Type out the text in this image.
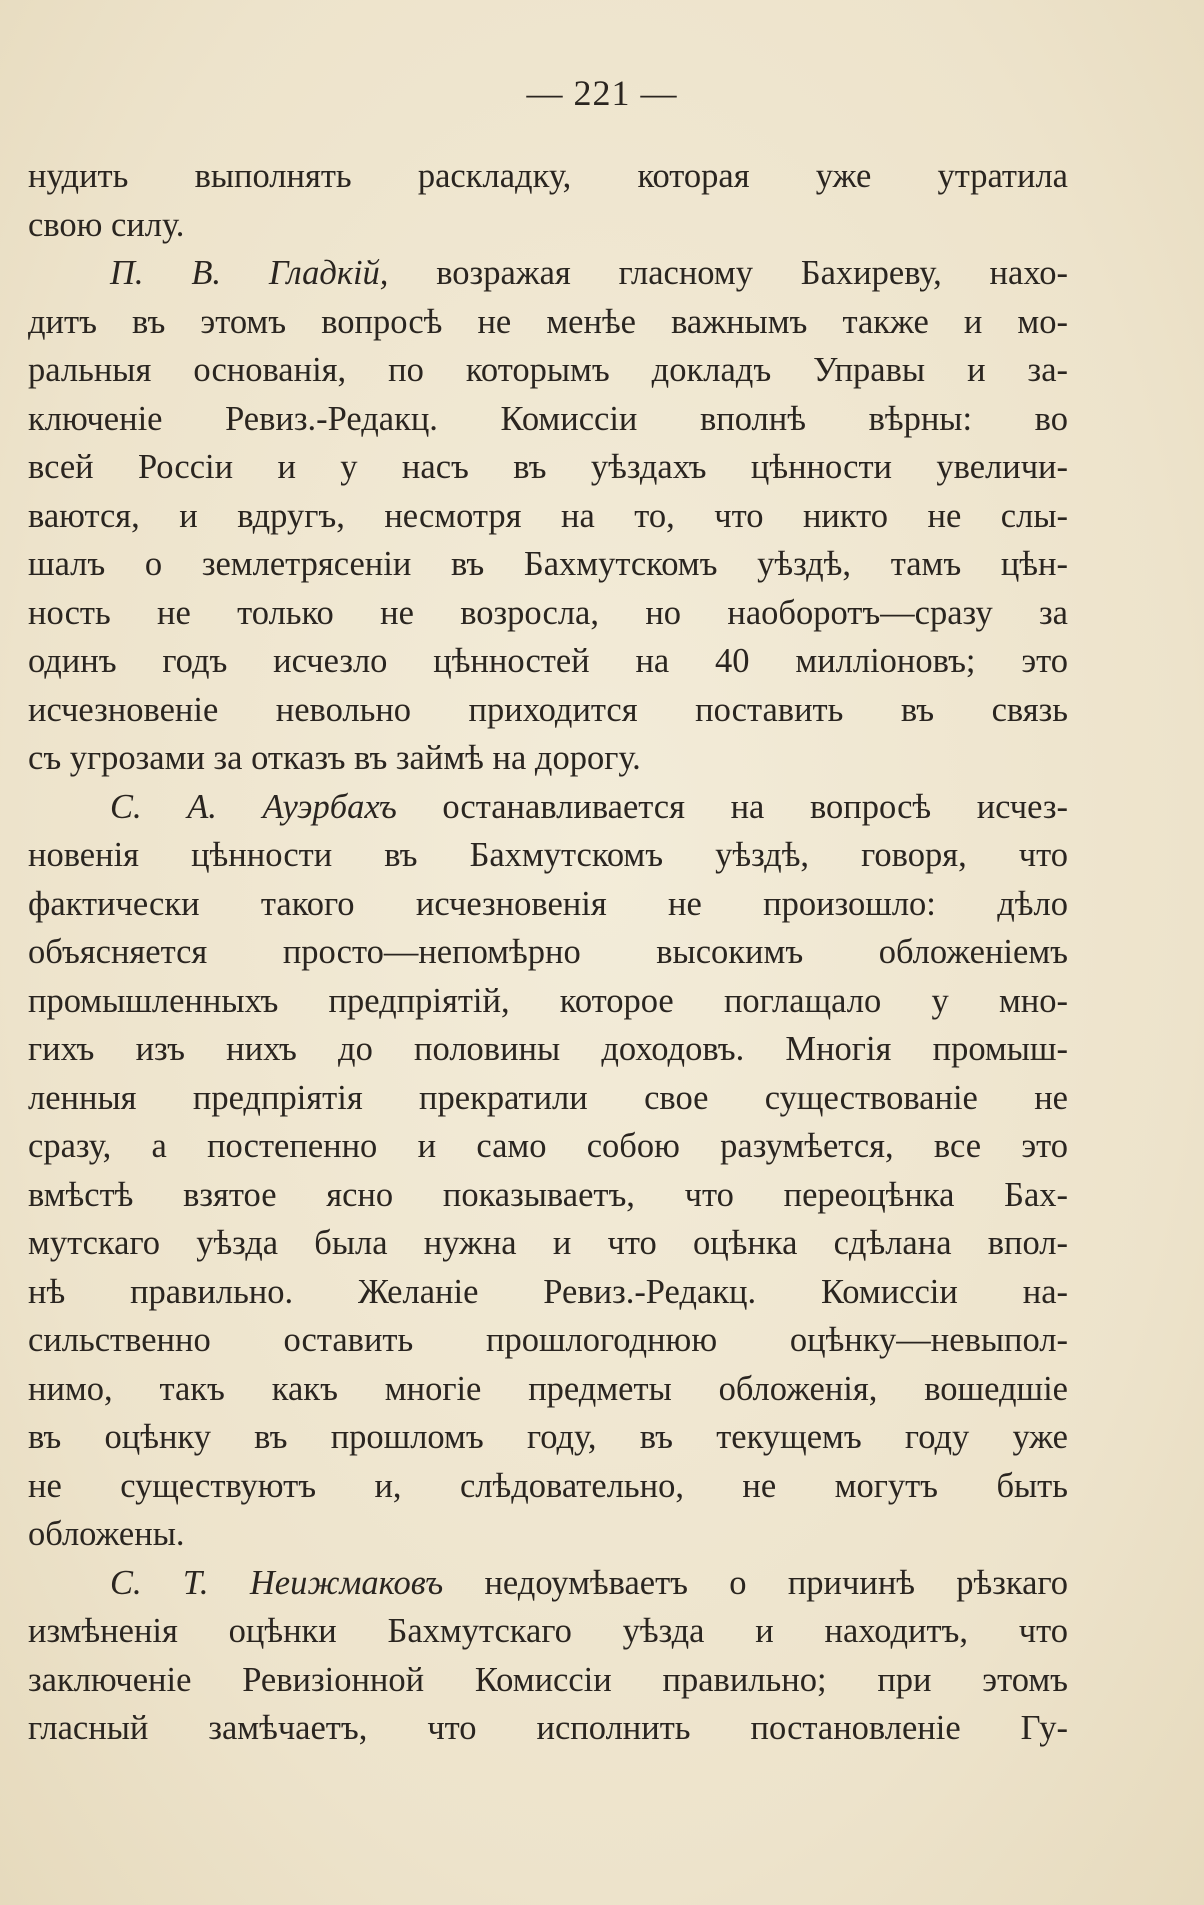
— 221 —
нудить выполнять раскладку, которая уже утратила
свою силу.
П. В. Гладкій, возражая гласному Бахиреву, нахо-
дитъ въ этомъ вопросѣ не менѣе важнымъ также и мо-
ральныя основанія, по которымъ докладъ Управы и за-
ключеніе Ревиз.-Редакц. Комиссіи вполнѣ вѣрны: во
всей Россіи и у насъ въ уѣздахъ цѣнности увеличи-
ваются, и вдругъ, несмотря на то, что никто не слы-
шалъ о землетрясеніи въ Бахмутскомъ уѣздѣ, тамъ цѣн-
ность не только не возросла, но наоборотъ—сразу за
одинъ годъ исчезло цѣнностей на 40 милліоновъ; это
исчезновеніе невольно приходится поставить въ связь
съ угрозами за отказъ въ займѣ на дорогу.
С. А. Ауэрбахъ останавливается на вопросѣ исчез-
новенія цѣнности въ Бахмутскомъ уѣздѣ, говоря, что
фактически такого исчезновенія не произошло: дѣло
объясняется просто—непомѣрно высокимъ обложеніемъ
промышленныхъ предпріятій, которое поглащало у мно-
гихъ изъ нихъ до половины доходовъ. Многія промыш-
ленныя предпріятія прекратили свое существованіе не
сразу, а постепенно и само собою разумѣется, все это
вмѣстѣ взятое ясно показываетъ, что переоцѣнка Бах-
мутскаго уѣзда была нужна и что оцѣнка сдѣлана впол-
нѣ правильно. Желаніе Ревиз.-Редакц. Комиссіи на-
сильственно оставить прошлогоднюю оцѣнку—невыпол-
нимо, такъ какъ многіе предметы обложенія, вошедшіе
въ оцѣнку въ прошломъ году, въ текущемъ году уже
не существуютъ и, слѣдовательно, не могутъ быть
обложены.
С. Т. Неижмаковъ недоумѣваетъ о причинѣ рѣзкаго
измѣненія оцѣнки Бахмутскаго уѣзда и находитъ, что
заключеніе Ревизіонной Комиссіи правильно; при этомъ
гласный замѣчаетъ, что исполнить постановленіе Гу-
